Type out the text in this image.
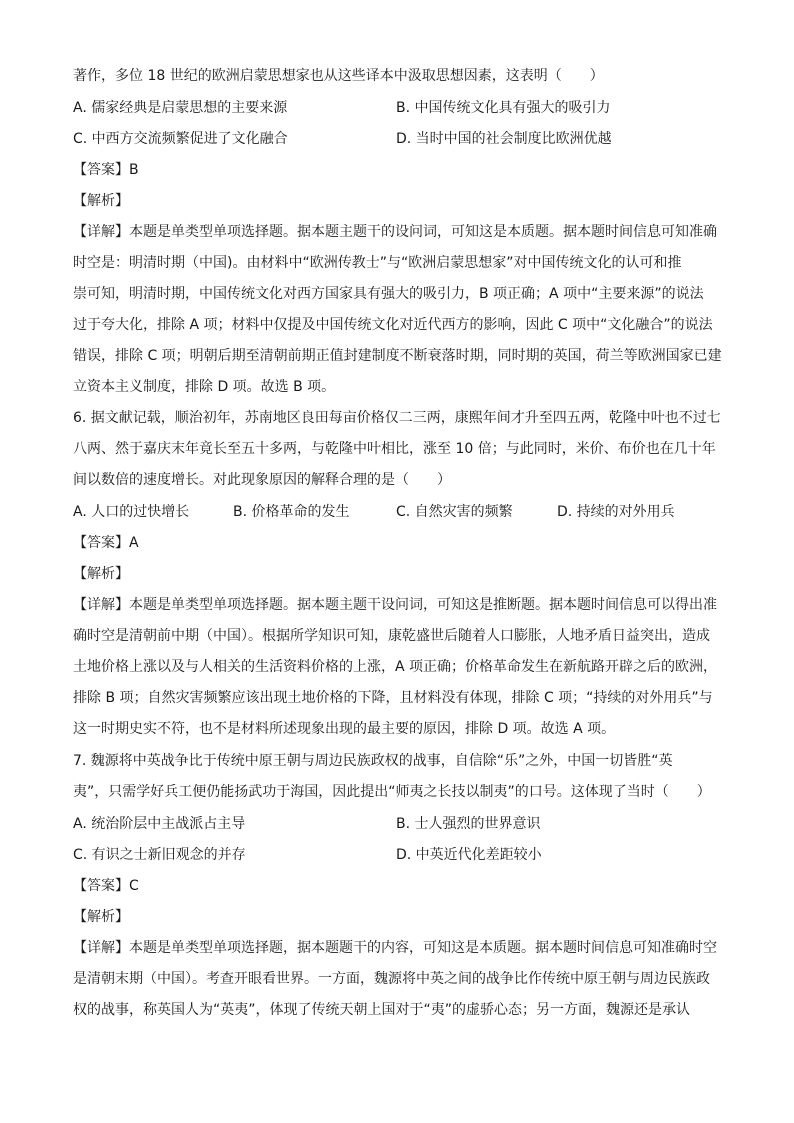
著作，多位 18 世纪的欧洲启蒙思想家也从这些译本中汲取思想因素，这表明（　　）
A. 儒家经典是启蒙思想的主要来源	B. 中国传统文化具有强大的吸引力
C. 中西方交流频繁促进了文化融合	D. 当时中国的社会制度比欧洲优越
【答案】B
【解析】
【详解】本题是单类型单项选择题。据本题主题干的设问词，可知这是本质题。据本题时间信息可知准确
时空是：明清时期（中国)。由材料中“欧洲传教士”与“欧洲启蒙思想家”对中国传统文化的认可和推
崇可知，明清时期，中国传统文化对西方国家具有强大的吸引力，B 项正确；A 项中“主要来源”的说法
过于夸大化，排除 A 项；材料中仅提及中国传统文化对近代西方的影响，因此 C 项中“文化融合”的说法
错误，排除 C 项；明朝后期至清朝前期正值封建制度不断衰落时期，同时期的英国，荷兰等欧洲国家已建
立资本主义制度，排除 D 项。故选 B 项。
6. 据文献记载，顺治初年，苏南地区良田每亩价格仅二三两，康熙年间才升至四五两，乾隆中叶也不过七
八两、然于嘉庆末年竟长至五十多两，与乾隆中叶相比，涨至 10 倍；与此同时，米价、布价也在几十年
间以数倍的速度增长。对此现象原因的解释合理的是（　　）
A. 人口的过快增长	B. 价格革命的发生	C. 自然灾害的频繁	D. 持续的对外用兵
【答案】A
【解析】
【详解】本题是单类型单项选择题。据本题主题干设问词，可知这是推断题。据本题时间信息可以得出准
确时空是清朝前中期（中国）。根据所学知识可知，康乾盛世后随着人口膨胀，人地矛盾日益突出，造成
土地价格上涨以及与人相关的生活资料价格的上涨，A 项正确；价格革命发生在新航路开辟之后的欧洲，
排除 B 项；自然灾害频繁应该出现土地价格的下降，且材料没有体现，排除 C 项；“持续的对外用兵”与
这一时期史实不符，也不是材料所述现象出现的最主要的原因，排除 D 项。故选 A 项。
7. 魏源将中英战争比于传统中原王朝与周边民族政权的战事，自信除“乐”之外，中国一切皆胜“英
夷”，只需学好兵工便仍能扬武功于海国，因此提出“师夷之长技以制夷”的口号。这体现了当时（　　）
A. 统治阶层中主战派占主导	B. 士人强烈的世界意识
C. 有识之士新旧观念的并存	D. 中英近代化差距较小
【答案】C
【解析】
【详解】本题是单类型单项选择题，据本题题干的内容，可知这是本质题。据本题时间信息可知准确时空
是清朝末期（中国）。考查开眼看世界。一方面，魏源将中英之间的战争比作传统中原王朝与周边民族政
权的战事，称英国人为“英夷”，体现了传统天朝上国对于“夷”的虚骄心态；另一方面，魏源还是承认
